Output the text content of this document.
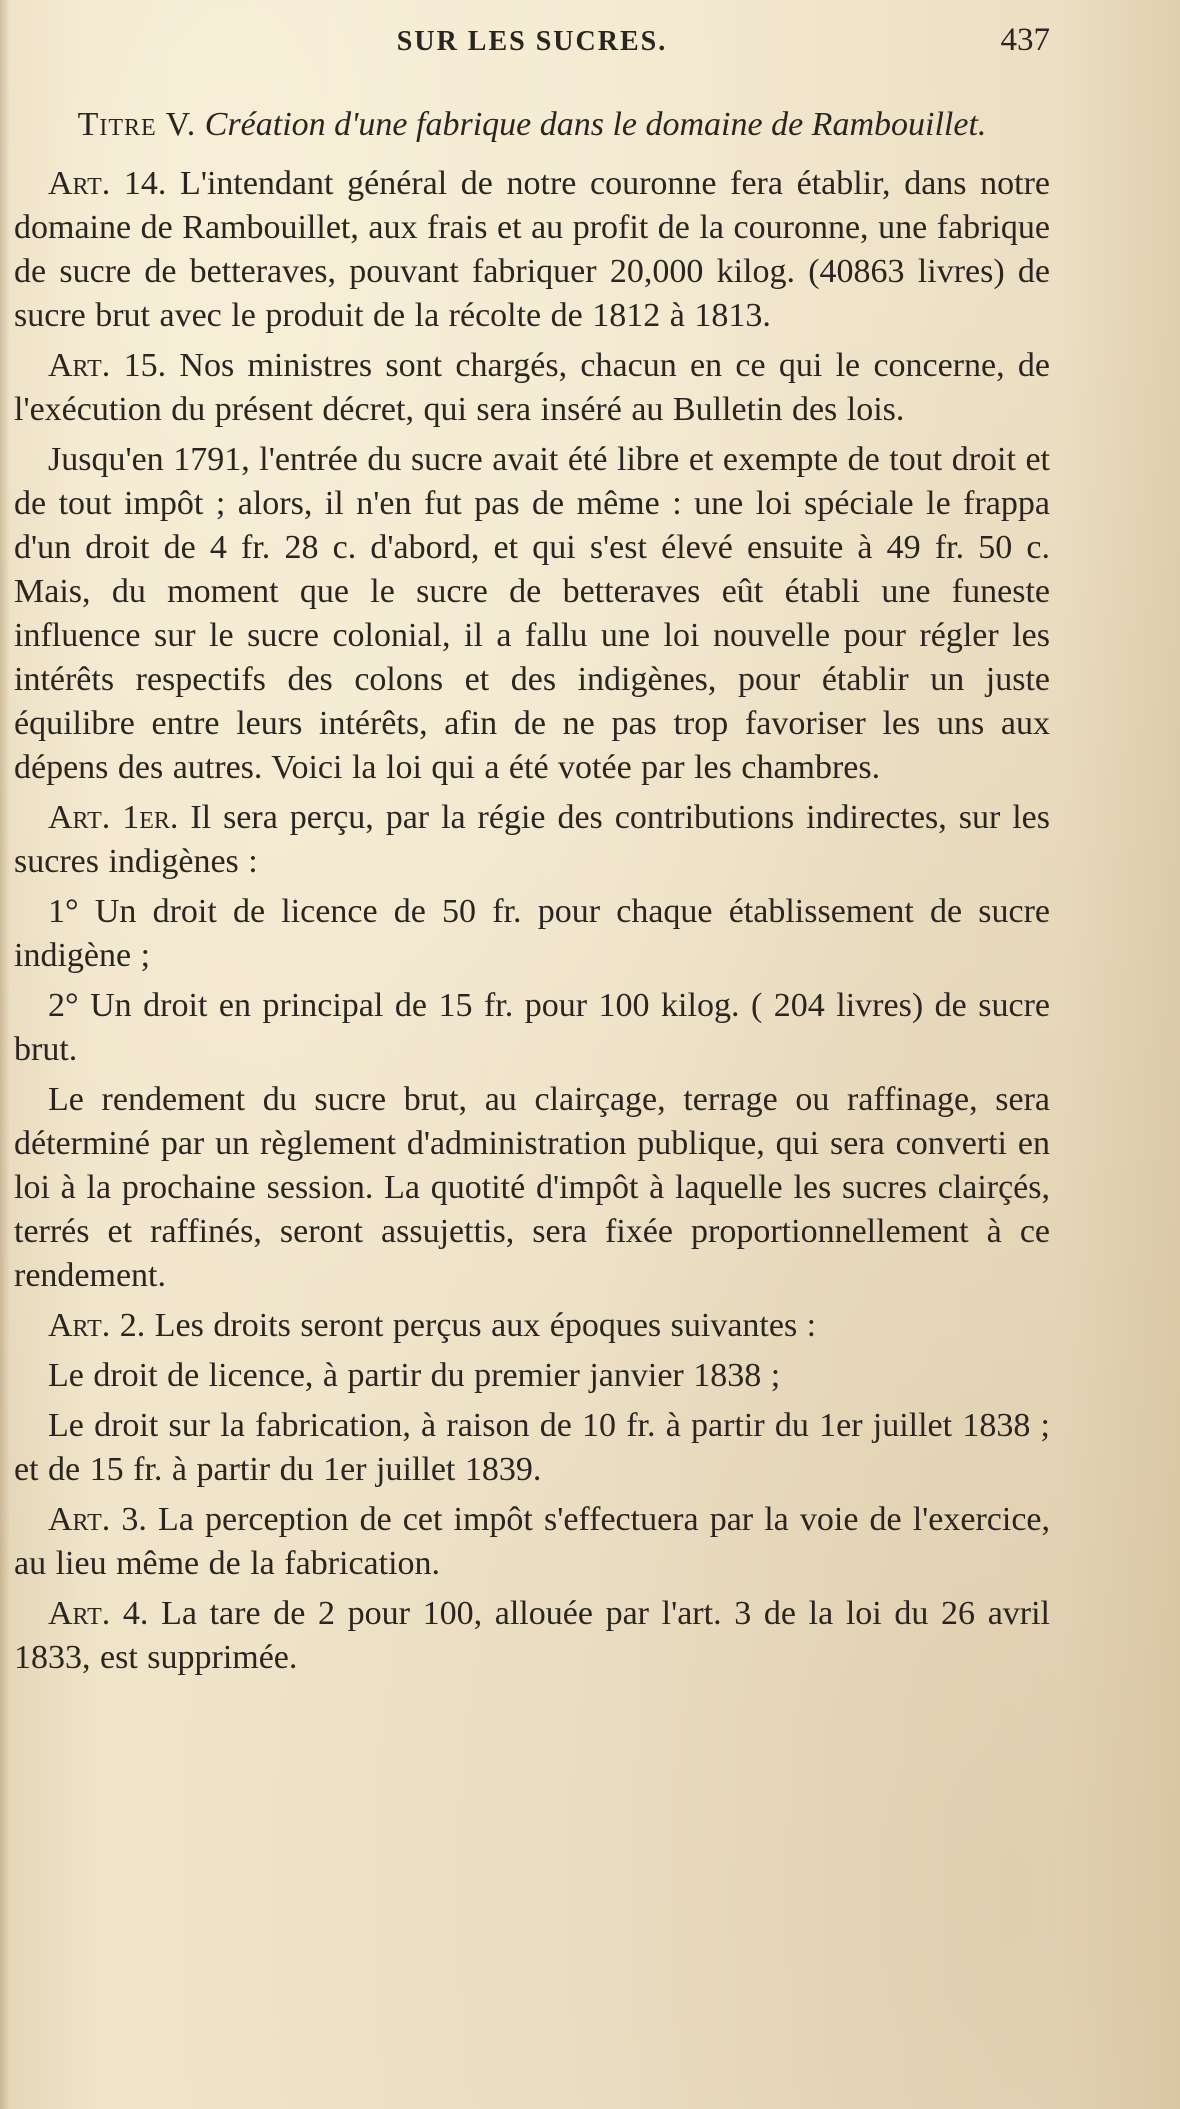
SUR LES SUCRES.	437
Titre V. Création d'une fabrique dans le domaine de Rambouillet.

Art. 14. L'intendant général de notre couronne fera établir, dans notre domaine de Rambouillet, aux frais et au profit de la couronne, une fabrique de sucre de betteraves, pouvant fabriquer 20,000 kilog. (40863 livres) de sucre brut avec le produit de la récolte de 1812 à 1813.

Art. 15. Nos ministres sont chargés, chacun en ce qui le concerne, de l'exécution du présent décret, qui sera inséré au Bulletin des lois.

Jusqu'en 1791, l'entrée du sucre avait été libre et exempte de tout droit et de tout impôt ; alors, il n'en fut pas de même : une loi spéciale le frappa d'un droit de 4 fr. 28 c. d'abord, et qui s'est élevé ensuite à 49 fr. 50 c. Mais, du moment que le sucre de betteraves eût établi une funeste influence sur le sucre colonial, il a fallu une loi nouvelle pour régler les intérêts respectifs des colons et des indigènes, pour établir un juste équilibre entre leurs intérêts, afin de ne pas trop favoriser les uns aux dépens des autres. Voici la loi qui a été votée par les chambres.

Art. 1er. Il sera perçu, par la régie des contributions indirectes, sur les sucres indigènes :

1° Un droit de licence de 50 fr. pour chaque établissement de sucre indigène ;

2° Un droit en principal de 15 fr. pour 100 kilog. ( 204 livres) de sucre brut.

Le rendement du sucre brut, au clairçage, terrage ou raffinage, sera déterminé par un règlement d'administration publique, qui sera converti en loi à la prochaine session. La quotité d'impôt à laquelle les sucres clairçés, terrés et raffinés, seront assujettis, sera fixée proportionnellement à ce rendement.

Art. 2. Les droits seront perçus aux époques suivantes :

Le droit de licence, à partir du premier janvier 1838 ;

Le droit sur la fabrication, à raison de 10 fr. à partir du 1er juillet 1838 ; et de 15 fr. à partir du 1er juillet 1839.

Art. 3. La perception de cet impôt s'effectuera par la voie de l'exercice, au lieu même de la fabrication.

Art. 4. La tare de 2 pour 100, allouée par l'art. 3 de la loi du 26 avril 1833, est supprimée.
